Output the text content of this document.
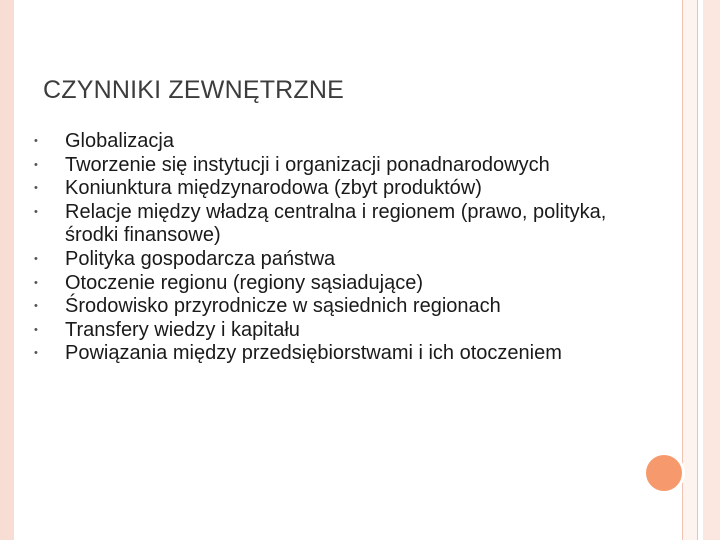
CZYNNIKI ZEWNĘTRZNE
• Globalizacja
• Tworzenie się instytucji i organizacji ponadnarodowych
• Koniunktura międzynarodowa (zbyt produktów)
• Relacje między władzą centralna i regionem (prawo, polityka, środki finansowe)
• Polityka gospodarcza państwa
• Otoczenie regionu (regiony sąsiadujące)
• Środowisko przyrodnicze w sąsiednich regionach
• Transfery wiedzy i kapitału
• Powiązania między przedsiębiorstwami i ich otoczeniem
